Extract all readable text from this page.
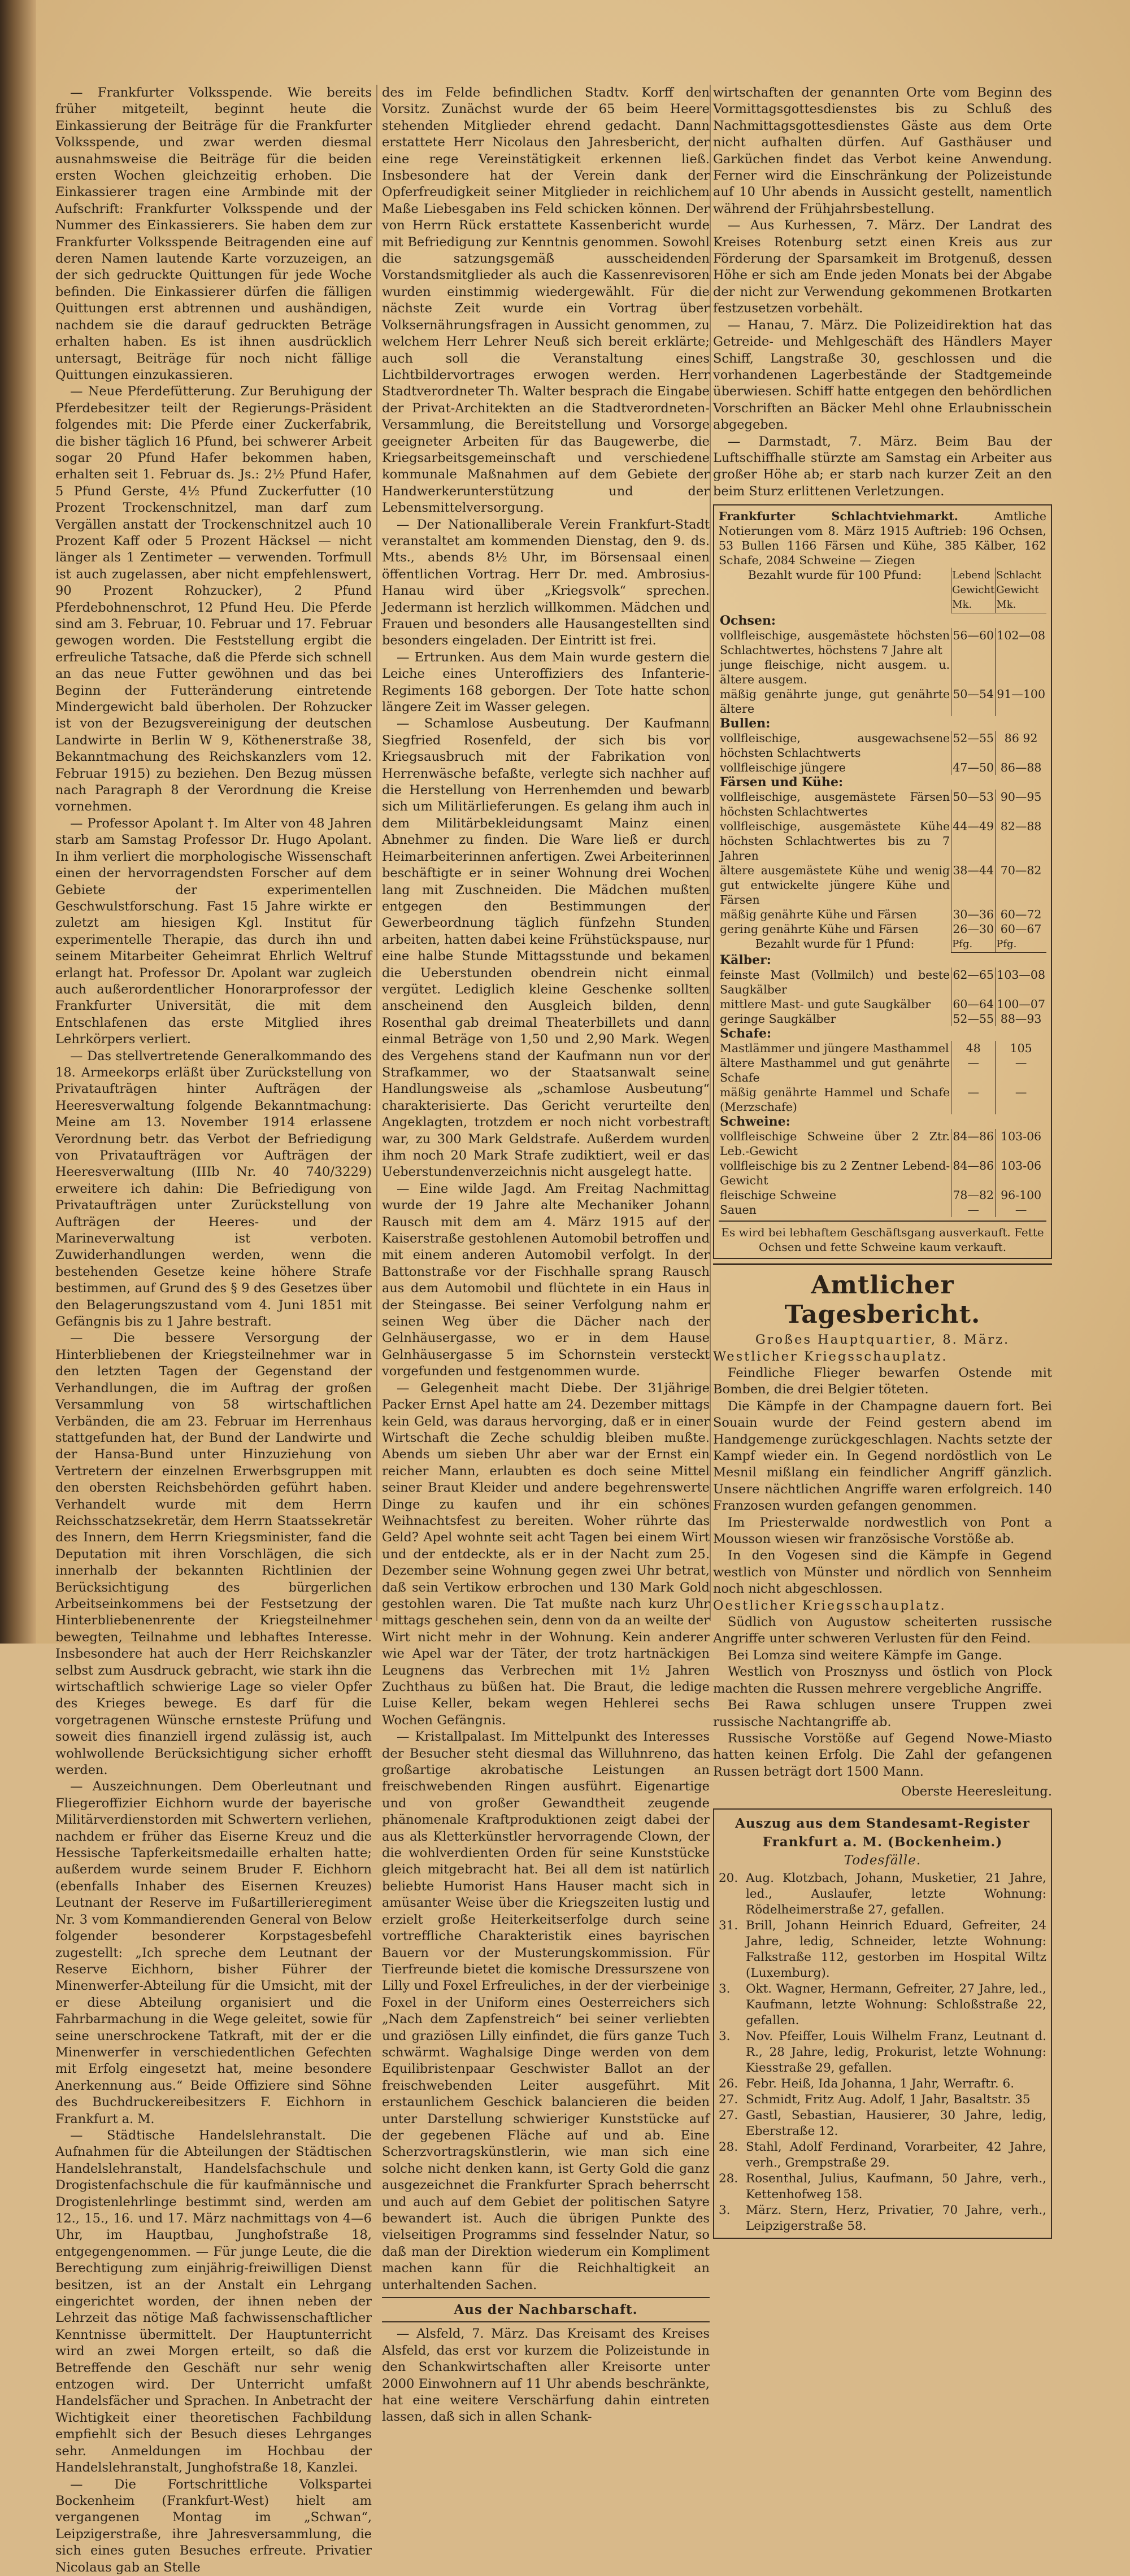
— Frankfurter Volksspende. Wie bereits früher mitgeteilt, beginnt heute die Einkassierung der Beiträge für die Frankfurter Volksspende, und zwar werden diesmal ausnahmsweise die Beiträge für die beiden ersten Wochen gleichzeitig erhoben. Die Einkassierer tragen eine Armbinde mit der Aufschrift: Frankfurter Volksspende und der Nummer des Einkassierers. Sie haben dem zur Frankfurter Volksspende Beitragenden eine auf deren Namen lautende Karte vorzuzeigen, an der sich gedruckte Quittungen für jede Woche befinden. Die Einkassierer dürfen die fälligen Quittungen erst abtrennen und aushändigen, nachdem sie die darauf gedruckten Beträge erhalten haben. Es ist ihnen ausdrücklich untersagt, Beiträge für noch nicht fällige Quittungen einzukassieren.

— Neue Pferdefütterung. Zur Beruhigung der Pferdebesitzer teilt der Regierungs-Präsident folgendes mit: Die Pferde einer Zuckerfabrik, die bisher täglich 16 Pfund, bei schwerer Arbeit sogar 20 Pfund Hafer bekommen haben, erhalten seit 1. Februar ds. Js.: 2½ Pfund Hafer, 5 Pfund Gerste, 4½ Pfund Zuckerfutter (10 Prozent Trockenschnitzel, man darf zum Vergällen anstatt der Trockenschnitzel auch 10 Prozent Kaff oder 5 Prozent Häcksel — nicht länger als 1 Zentimeter — verwenden. Torfmull ist auch zugelassen, aber nicht empfehlenswert, 90 Prozent Rohzucker), 2 Pfund Pferdebohnenschrot, 12 Pfund Heu. Die Pferde sind am 3. Februar, 10. Februar und 17. Februar gewogen worden. Die Feststellung ergibt die erfreuliche Tatsache, daß die Pferde sich schnell an das neue Futter gewöhnen und das bei Beginn der Futteränderung eintretende Mindergewicht bald überholen. Der Rohzucker ist von der Bezugsvereinigung der deutschen Landwirte in Berlin W 9, Köthenerstraße 38, Bekanntmachung des Reichskanzlers vom 12. Februar 1915) zu beziehen. Den Bezug müssen nach Paragraph 8 der Verordnung die Kreise vornehmen.

— Professor Apolant †. Im Alter von 48 Jahren starb am Samstag Professor Dr. Hugo Apolant. In ihm verliert die morphologische Wissenschaft einen der hervorragendsten Forscher auf dem Gebiete der experimentellen Geschwulstforschung. Fast 15 Jahre wirkte er zuletzt am hiesigen Kgl. Institut für experimentelle Therapie, das durch ihn und seinem Mitarbeiter Geheimrat Ehrlich Weltruf erlangt hat. Professor Dr. Apolant war zugleich auch außerordentlicher Honorarprofessor der Frankfurter Universität, die mit dem Entschlafenen das erste Mitglied ihres Lehrkörpers verliert.

— Das stellvertretende Generalkommando des 18. Armeekorps erläßt über Zurückstellung von Privataufträgen hinter Aufträgen der Heeresverwaltung folgende Bekanntmachung: Meine am 13. November 1914 erlassene Verordnung betr. das Verbot der Befriedigung von Privataufträgen vor Aufträgen der Heeresverwaltung (IIIb Nr. 40 740/3229) erweitere ich dahin: Die Befriedigung von Privataufträgen unter Zurückstellung von Aufträgen der Heeres- und der Marineverwaltung ist verboten. Zuwiderhandlungen werden, wenn die bestehenden Gesetze keine höhere Strafe bestimmen, auf Grund des § 9 des Gesetzes über den Belagerungszustand vom 4. Juni 1851 mit Gefängnis bis zu 1 Jahre bestraft.

— Die bessere Versorgung der Hinterbliebenen der Kriegsteilnehmer war in den letzten Tagen der Gegenstand der Verhandlungen, die im Auftrag der großen Versammlung von 58 wirtschaftlichen Verbänden, die am 23. Februar im Herrenhaus stattgefunden hat, der Bund der Landwirte und der Hansa-Bund unter Hinzuziehung von Vertretern der einzelnen Erwerbsgruppen mit den obersten Reichsbehörden geführt haben. Verhandelt wurde mit dem Herrn Reichsschatzsekretär, dem Herrn Staatssekretär des Innern, dem Herrn Kriegsminister, fand die Deputation mit ihren Vorschlägen, die sich innerhalb der bekannten Richtlinien der Berücksichtigung des bürgerlichen Arbeitseinkommens bei der Festsetzung der Hinterbliebenenrente der Kriegsteilnehmer bewegten, Teilnahme und lebhaftes Interesse. Insbesondere hat auch der Herr Reichskanzler selbst zum Ausdruck gebracht, wie stark ihn die wirtschaftlich schwierige Lage so vieler Opfer des Krieges bewege. Es darf für die vorgetragenen Wünsche ernsteste Prüfung und soweit dies finanziell irgend zulässig ist, auch wohlwollende Berücksichtigung sicher erhofft werden.

— Auszeichnungen. Dem Oberleutnant und Fliegeroffizier Eichhorn wurde der bayerische Militärverdienstorden mit Schwertern verliehen, nachdem er früher das Eiserne Kreuz und die Hessische Tapferkeitsmedaille erhalten hatte; außerdem wurde seinem Bruder F. Eichhorn (ebenfalls Inhaber des Eisernen Kreuzes) Leutnant der Reserve im Fußartillerieregiment Nr. 3 vom Kommandierenden General von Below folgender besonderer Korpstagesbefehl zugestellt: „Ich spreche dem Leutnant der Reserve Eichhorn, bisher Führer der Minenwerfer-Abteilung für die Umsicht, mit der er diese Abteilung organisiert und die Fahrbarmachung in die Wege geleitet, sowie für seine unerschrockene Tatkraft, mit der er die Minenwerfer in verschiedentlichen Gefechten mit Erfolg eingesetzt hat, meine besondere Anerkennung aus.“ Beide Offiziere sind Söhne des Buchdruckereibesitzers F. Eichhorn in Frankfurt a. M.

— Städtische Handelslehranstalt. Die Aufnahmen für die Abteilungen der Städtischen Handelslehranstalt, Handelsfachschule und Drogistenfachschule die für kaufmännische und Drogistenlehrlinge bestimmt sind, werden am 12., 15., 16. und 17. März nachmittags von 4—6 Uhr, im Hauptbau, Junghofstraße 18, entgegengenommen. — Für junge Leute, die die Berechtigung zum einjährig-freiwilligen Dienst besitzen, ist an der Anstalt ein Lehrgang eingerichtet worden, der ihnen neben der Lehrzeit das nötige Maß fachwissenschaftlicher Kenntnisse übermittelt. Der Hauptunterricht wird an zwei Morgen erteilt, so daß die Betreffende den Geschäft nur sehr wenig entzogen wird. Der Unterricht umfaßt Handelsfächer und Sprachen. In Anbetracht der Wichtigkeit einer theoretischen Fachbildung empfiehlt sich der Besuch dieses Lehrganges sehr. Anmeldungen im Hochbau der Handelslehranstalt, Junghofstraße 18, Kanzlei.

— Die Fortschrittliche Volkspartei Bockenheim (Frankfurt-West) hielt am vergangenen Montag im „Schwan“, Leipzigerstraße, ihre Jahresversammlung, die sich eines guten Besuches erfreute. Privatier Nicolaus gab an Stelle

des im Felde befindlichen Stadtv. Korff den Vorsitz. Zunächst wurde der 65 beim Heere stehenden Mitglieder ehrend gedacht. Dann erstattete Herr Nicolaus den Jahresbericht, der eine rege Vereinstätigkeit erkennen ließ. Insbesondere hat der Verein dank der Opferfreudigkeit seiner Mitglieder in reichlichem Maße Liebesgaben ins Feld schicken können. Der von Herrn Rück erstattete Kassenbericht wurde mit Befriedigung zur Kenntnis genommen. Sowohl die satzungsgemäß ausscheidenden Vorstandsmitglieder als auch die Kassenrevisoren wurden einstimmig wiedergewählt. Für die nächste Zeit wurde ein Vortrag über Volksernährungsfragen in Aussicht genommen, zu welchem Herr Lehrer Neuß sich bereit erklärte; auch soll die Veranstaltung eines Lichtbildervortrages erwogen werden. Herr Stadtverordneter Th. Walter besprach die Eingabe der Privat-Architekten an die Stadtverordneten-Versammlung, die Bereitstellung und Vorsorge geeigneter Arbeiten für das Baugewerbe, die Kriegsarbeitsgemeinschaft und verschiedene kommunale Maßnahmen auf dem Gebiete der Handwerkerunterstützung und der Lebensmittelversorgung.

— Der Nationalliberale Verein Frankfurt-Stadt veranstaltet am kommenden Dienstag, den 9. ds. Mts., abends 8½ Uhr, im Börsensaal einen öffentlichen Vortrag. Herr Dr. med. Ambrosius-Hanau wird über „Kriegsvolk“ sprechen. Jedermann ist herzlich willkommen. Mädchen und Frauen und besonders alle Hausangestellten sind besonders eingeladen. Der Eintritt ist frei.

— Ertrunken. Aus dem Main wurde gestern die Leiche eines Unteroffiziers des Infanterie-Regiments 168 geborgen. Der Tote hatte schon längere Zeit im Wasser gelegen.

— Schamlose Ausbeutung. Der Kaufmann Siegfried Rosenfeld, der sich bis vor Kriegsausbruch mit der Fabrikation von Herrenwäsche befaßte, verlegte sich nachher auf die Herstellung von Herrenhemden und bewarb sich um Militärlieferungen. Es gelang ihm auch in dem Militärbekleidungsamt Mainz einen Abnehmer zu finden. Die Ware ließ er durch Heimarbeiterinnen anfertigen. Zwei Arbeiterinnen beschäftigte er in seiner Wohnung drei Wochen lang mit Zuschneiden. Die Mädchen mußten entgegen den Bestimmungen der Gewerbeordnung täglich fünfzehn Stunden arbeiten, hatten dabei keine Frühstückspause, nur eine halbe Stunde Mittagsstunde und bekamen die Ueberstunden obendrein nicht einmal vergütet. Lediglich kleine Geschenke sollten anscheinend den Ausgleich bilden, denn Rosenthal gab dreimal Theaterbillets und dann einmal Beträge von 1,50 und 2,90 Mark. Wegen des Vergehens stand der Kaufmann nun vor der Strafkammer, wo der Staatsanwalt seine Handlungsweise als „schamlose Ausbeutung“ charakterisierte. Das Gericht verurteilte den Angeklagten, trotzdem er noch nicht vorbestraft war, zu 300 Mark Geldstrafe. Außerdem wurden ihm noch 20 Mark Strafe zudiktiert, weil er das Ueberstundenverzeichnis nicht ausgelegt hatte.

— Eine wilde Jagd. Am Freitag Nachmittag wurde der 19 Jahre alte Mechaniker Johann Rausch mit dem am 4. März 1915 auf der Kaiserstraße gestohlenen Automobil betroffen und mit einem anderen Automobil verfolgt. In der Battonstraße vor der Fischhalle sprang Rausch aus dem Automobil und flüchtete in ein Haus in der Steingasse. Bei seiner Verfolgung nahm er seinen Weg über die Dächer nach der Gelnhäusergasse, wo er in dem Hause Gelnhäusergasse 5 im Schornstein versteckt vorgefunden und festgenommen wurde.

— Gelegenheit macht Diebe. Der 31jährige Packer Ernst Apel hatte am 24. Dezember mittags kein Geld, was daraus hervorging, daß er in einer Wirtschaft die Zeche schuldig bleiben mußte. Abends um sieben Uhr aber war der Ernst ein reicher Mann, erlaubten es doch seine Mittel seiner Braut Kleider und andere begehrenswerte Dinge zu kaufen und ihr ein schönes Weihnachtsfest zu bereiten. Woher rührte das Geld? Apel wohnte seit acht Tagen bei einem Wirt und der entdeckte, als er in der Nacht zum 25. Dezember seine Wohnung gegen zwei Uhr betrat, daß sein Vertikow erbrochen und 130 Mark Gold gestohlen waren. Die Tat mußte nach kurz Uhr mittags geschehen sein, denn von da an weilte der Wirt nicht mehr in der Wohnung. Kein anderer wie Apel war der Täter, der trotz hartnäckigen Leugnens das Verbrechen mit 1½ Jahren Zuchthaus zu büßen hat. Die Braut, die ledige Luise Keller, bekam wegen Hehlerei sechs Wochen Gefängnis.

— Kristallpalast. Im Mittelpunkt des Interesses der Besucher steht diesmal das Willuhnreno, das großartige akrobatische Leistungen an freischwebenden Ringen ausführt. Eigenartige und von großer Gewandtheit zeugende phänomenale Kraftproduktionen zeigt dabei der aus als Kletterkünstler hervorragende Clown, der die wohlverdienten Orden für seine Kunststücke gleich mitgebracht hat. Bei all dem ist natürlich beliebte Humorist Hans Hauser macht sich in amüsanter Weise über die Kriegszeiten lustig und erzielt große Heiterkeitserfolge durch seine vortreffliche Charakteristik eines bayrischen Bauern vor der Musterungskommission. Für Tierfreunde bietet die komische Dressurszene von Lilly und Foxel Erfreuliches, in der der vierbeinige Foxel in der Uniform eines Oesterreichers sich „Nach dem Zapfenstreich“ bei seiner verliebten und graziösen Lilly einfindet, die fürs ganze Tuch schwärmt. Waghalsige Dinge werden von dem Equilibristenpaar Geschwister Ballot an der freischwebenden Leiter ausgeführt. Mit erstaunlichem Geschick balancieren die beiden unter Darstellung schwieriger Kunststücke auf der gegebenen Fläche auf und ab. Eine Scherzvortragskünstlerin, wie man sich eine solche nicht denken kann, ist Gerty Gold die ganz ausgezeichnet die Frankfurter Sprach beherrscht und auch auf dem Gebiet der politischen Satyre bewandert ist. Auch die übrigen Punkte des vielseitigen Programms sind fesselnder Natur, so daß man der Direktion wiederum ein Kompliment machen kann für die Reichhaltigkeit an unterhaltenden Sachen.

Aus der Nachbarschaft.

— Alsfeld, 7. März. Das Kreisamt des Kreises Alsfeld, das erst vor kurzem die Polizeistunde in den Schankwirtschaften aller Kreisorte unter 2000 Einwohnern auf 11 Uhr abends beschränkte, hat eine weitere Verschärfung dahin eintreten lassen, daß sich in allen Schank-

wirtschaften der genannten Orte vom Beginn des Vormittagsgottesdienstes bis zu Schluß des Nachmittagsgottesdienstes Gäste aus dem Orte nicht aufhalten dürfen. Auf Gasthäuser und Garküchen findet das Verbot keine Anwendung. Ferner wird die Einschränkung der Polizeistunde auf 10 Uhr abends in Aussicht gestellt, namentlich während der Frühjahrsbestellung.

— Aus Kurhessen, 7. März. Der Landrat des Kreises Rotenburg setzt einen Kreis aus zur Förderung der Sparsamkeit im Brotgenuß, dessen Höhe er sich am Ende jeden Monats bei der Abgabe der nicht zur Verwendung gekommenen Brotkarten festzusetzen vorbehält.

— Hanau, 7. März. Die Polizeidirektion hat das Getreide- und Mehlgeschäft des Händlers Mayer Schiff, Langstraße 30, geschlossen und die vorhandenen Lagerbestände der Stadtgemeinde überwiesen. Schiff hatte entgegen den behördlichen Vorschriften an Bäcker Mehl ohne Erlaubnisschein abgegeben.

— Darmstadt, 7. März. Beim Bau der Luftschiffhalle stürzte am Samstag ein Arbeiter aus großer Höhe ab; er starb nach kurzer Zeit an den beim Sturz erlittenen Verletzungen.

Frankfurter Schlachtviehmarkt.	Amtliche Notierungen vom 8. März 1915 Auftrieb: 196 Ochsen, 53 Bullen 1166 Färsen und Kühe, 385 Kälber, 162 Schafe, 2084 Schweine — Ziegen
Bezahlt wurde für 100 Pfund:	Lebend Gewicht Mk.	Schlacht Gewicht Mk.
Ochsen:		
vollfleischige, ausgemästete höchsten Schlachtwertes, höchstens 7 Jahre alt	56—60	102—08
junge fleischige, nicht ausgem. u. ältere ausgem.		
mäßig genährte junge, gut genährte ältere	50—54	91—100
Bullen:		
vollfleischige, ausgewachsene höchsten Schlachtwerts	52—55	86 92
vollfleischige jüngere	47—50	86—88
Färsen und Kühe:		
vollfleischige, ausgemästete Färsen höchsten Schlachtwertes	50—53	90—95
vollfleischige, ausgemästete Kühe höchsten Schlachtwertes bis zu 7 Jahren	44—49	82—88
ältere ausgemästete Kühe und wenig gut entwickelte jüngere Kühe und Färsen	38—44	70—82
mäßig genährte Kühe und Färsen	30—36	60—72
gering genährte Kühe und Färsen	26—30	60—67
Bezahlt wurde für 1 Pfund:	Pfg.	Pfg.
Kälber:		
feinste Mast (Vollmilch) und beste Saugkälber	62—65	103—08
mittlere Mast- und gute Saugkälber	60—64	100—07
geringe Saugkälber	52—55	88—93
Schafe:		
Mastlämmer und jüngere Masthammel	48	105
ältere Masthammel und gut genährte Schafe	—	—
mäßig genährte Hammel und Schafe (Merzschafe)	—	—
Schweine:		
vollfleischige Schweine über 2 Ztr. Leb.-Gewicht	84—86	103-06
vollfleischige bis zu 2 Zentner Lebend-Gewicht	84—86	103-06
fleischige Schweine	78—82	96-100
Sauen	—	—
Es wird bei lebhaftem Geschäftsgang ausverkauft. Fette Ochsen und fette Schweine kaum verkauft.
Amtlicher Tagesbericht.
Großes Hauptquartier, 8. März.
Westlicher Kriegsschauplatz.

Feindliche Flieger bewarfen Ostende mit Bomben, die drei Belgier töteten.

Die Kämpfe in der Champagne dauern fort. Bei Souain wurde der Feind gestern abend im Handgemenge zurückgeschlagen. Nachts setzte der Kampf wieder ein. In Gegend nordöstlich von Le Mesnil mißlang ein feindlicher Angriff gänzlich. Unsere nächtlichen Angriffe waren erfolgreich. 140 Franzosen wurden gefangen genommen.

Im Priesterwalde nordwestlich von Pont a Mousson wiesen wir französische Vorstöße ab.

In den Vogesen sind die Kämpfe in Gegend westlich von Münster und nördlich von Sennheim noch nicht abgeschlossen.

Oestlicher Kriegsschauplatz.

Südlich von Augustow scheiterten russische Angriffe unter schweren Verlusten für den Feind.

Bei Lomza sind weitere Kämpfe im Gange.

Westlich von Prosznyss und östlich von Plock machten die Russen mehrere vergebliche Angriffe.

Bei Rawa schlugen unsere Truppen zwei russische Nachtangriffe ab.

Russische Vorstöße auf Gegend Nowe-Miasto hatten keinen Erfolg. Die Zahl der gefangenen Russen beträgt dort 1500 Mann.

Oberste Heeresleitung.
Auszug aus dem Standesamt-Register
Frankfurt a. M. (Bockenheim.)
Todesfälle.
20. Aug. Klotzbach, Johann, Musketier, 21 Jahre, led., Auslaufer, letzte Wohnung: Rödelheimerstraße 27, gefallen.
31. Brill, Johann Heinrich Eduard, Gefreiter, 24 Jahre, ledig, Schneider, letzte Wohnung: Falkstraße 112, gestorben im Hospital Wiltz (Luxemburg).
3.	Okt. Wagner, Hermann, Gefreiter, 27 Jahre, led., Kaufmann, letzte Wohnung: Schloßstraße 22, gefallen.
3.	Nov. Pfeiffer, Louis Wilhelm Franz, Leutnant d. R., 28 Jahre, ledig, Prokurist, letzte Wohnung: Kiesstraße 29, gefallen.
26. Febr. Heiß, Ida Johanna, 1 Jahr, Werraftr. 6.
27. Schmidt, Fritz Aug. Adolf, 1 Jahr, Basaltstr. 35
27. Gastl, Sebastian, Hausierer, 30 Jahre, ledig, Eberstraße 12.
28. Stahl, Adolf Ferdinand, Vorarbeiter, 42 Jahre, verh., Grempstraße 29.
28. Rosenthal, Julius, Kaufmann, 50 Jahre, verh., Kettenhofweg 158.
3.	März. Stern, Herz, Privatier, 70 Jahre, verh., Leipzigerstraße 58.
